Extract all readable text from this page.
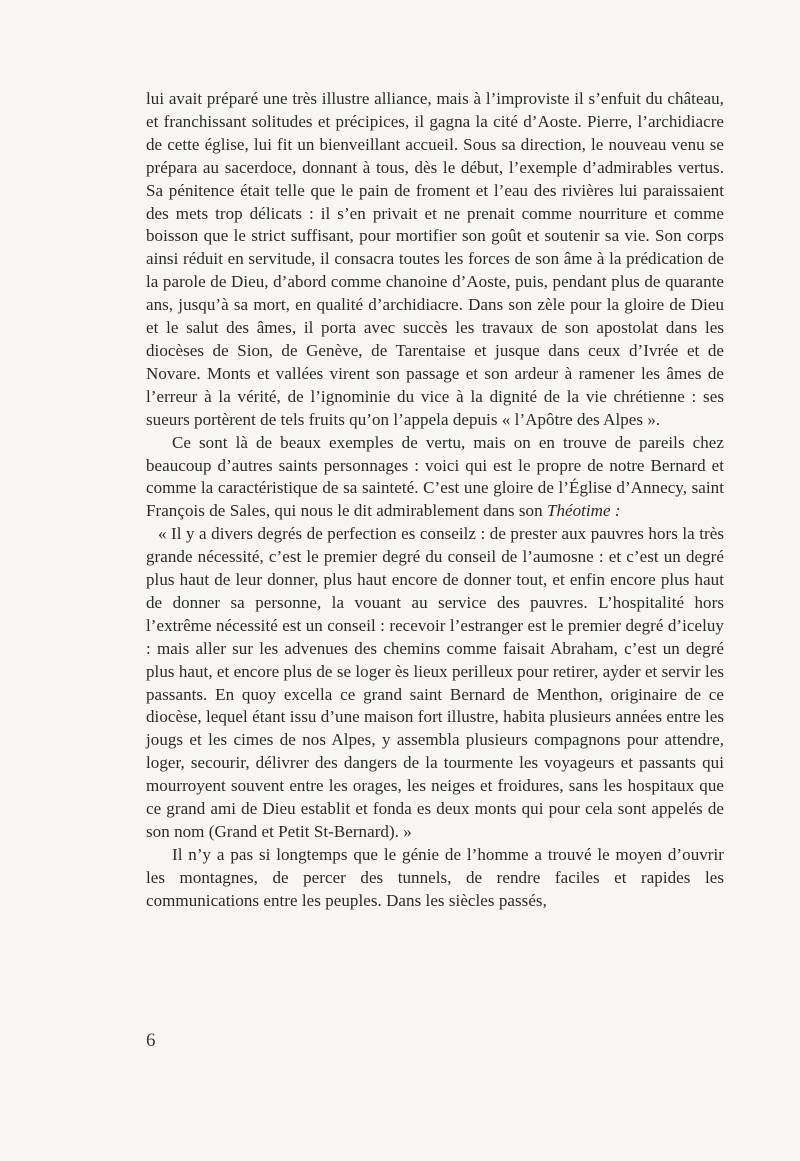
lui avait préparé une très illustre alliance, mais à l’improviste il s’enfuit du château, et franchissant solitudes et précipices, il gagna la cité d’Aoste. Pierre, l’archidiacre de cette église, lui fit un bienveillant accueil. Sous sa direction, le nouveau venu se prépara au sacerdoce, donnant à tous, dès le début, l’exemple d’admirables vertus. Sa pénitence était telle que le pain de froment et l’eau des rivières lui paraissaient des mets trop délicats : il s’en privait et ne prenait comme nourriture et comme boisson que le strict suffisant, pour mortifier son goût et soutenir sa vie. Son corps ainsi réduit en servitude, il consacra toutes les forces de son âme à la prédication de la parole de Dieu, d’abord comme chanoine d’Aoste, puis, pendant plus de quarante ans, jusqu’à sa mort, en qualité d’archidiacre. Dans son zèle pour la gloire de Dieu et le salut des âmes, il porta avec succès les travaux de son apostolat dans les diocèses de Sion, de Genève, de Tarentaise et jusque dans ceux d’Ivrée et de Novare. Monts et vallées virent son passage et son ardeur à ramener les âmes de l’erreur à la vérité, de l’ignominie du vice à la dignité de la vie chrétienne : ses sueurs portèrent de tels fruits qu’on l’appela depuis « l’Apôtre des Alpes ».

Ce sont là de beaux exemples de vertu, mais on en trouve de pareils chez beaucoup d’autres saints personnages : voici qui est le propre de notre Bernard et comme la caractéristique de sa sainteté. C’est une gloire de l’Église d’Annecy, saint François de Sales, qui nous le dit admirablement dans son Théotime :

« Il y a divers degrés de perfection es conseilz : de prester aux pauvres hors la très grande nécessité, c’est le premier degré du conseil de l’aumosne : et c’est un degré plus haut de leur donner, plus haut encore de donner tout, et enfin encore plus haut de donner sa personne, la vouant au service des pauvres. L’hospitalité hors l’extrême nécessité est un conseil : recevoir l’estranger est le premier degré d’iceluy : mais aller sur les advenues des chemins comme faisait Abraham, c’est un degré plus haut, et encore plus de se loger ès lieux perilleux pour retirer, ayder et servir les passants. En quoy excella ce grand saint Bernard de Menthon, originaire de ce diocèse, lequel étant issu d’une maison fort illustre, habita plusieurs années entre les jougs et les cimes de nos Alpes, y assembla plusieurs compagnons pour attendre, loger, secourir, délivrer des dangers de la tourmente les voyageurs et passants qui mourroyent souvent entre les orages, les neiges et froidures, sans les hospitaux que ce grand ami de Dieu establit et fonda es deux monts qui pour cela sont appelés de son nom (Grand et Petit St-Bernard). »

Il n’y a pas si longtemps que le génie de l’homme a trouvé le moyen d’ouvrir les montagnes, de percer des tunnels, de rendre faciles et rapides les communications entre les peuples. Dans les siècles passés,

6
